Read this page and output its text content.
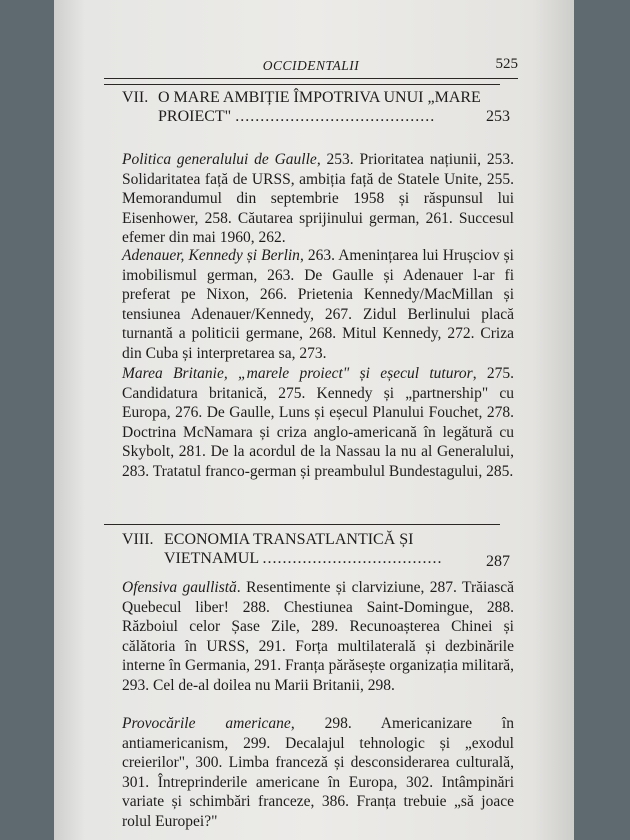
OCCIDENTALII	525
VII. O MARE AMBIȚIE ÎMPOTRIVA UNUI „MARE PROIECT" ........................................	253

Politica generalului de Gaulle, 253. Prioritatea națiunii, 253. Solidaritatea față de URSS, ambiția față de Statele Unite, 255. Memorandumul din septembrie 1958 și răspunsul lui Eisenhower, 258. Căutarea sprijinului german, 261. Succesul efemer din mai 1960, 262.

Adenauer, Kennedy și Berlin, 263. Amenințarea lui Hrușciov și imobilismul german, 263. De Gaulle și Adenauer l-ar fi preferat pe Nixon, 266. Prietenia Kennedy/MacMillan și tensiunea Adenauer/Kennedy, 267. Zidul Berlinului placă turnantă a politicii germane, 268. Mitul Kennedy, 272. Criza din Cuba și interpretarea sa, 273.

Marea Britanie, „marele proiect" și eșecul tuturor, 275. Candidatura britanică, 275. Kennedy și „partnership" cu Europa, 276. De Gaulle, Luns și eșecul Planului Fouchet, 278. Doctrina McNamara și criza anglo-americană în legătură cu Skybolt, 281. De la acordul de la Nassau la nu al Generalului, 283. Tratatul franco-german și preambulul Bundestagului, 285.

VIII. ECONOMIA TRANSATLANTICĂ ȘI VIETNAMUL ....................................	287

Ofensiva gaullistă. Resentimente și clarviziune, 287. Trăiască Quebecul liber! 288. Chestiunea Saint-Domingue, 288. Războiul celor Șase Zile, 289. Recunoașterea Chinei și călătoria în URSS, 291. Forța multilaterală și dezbinările interne în Germania, 291. Franța părăsește organizația militară, 293. Cel de-al doilea nu Marii Britanii, 298.

Provocările americane, 298. Americanizare în antiamericanism, 299. Decalajul tehnologic și „exodul creierilor", 300. Limba franceză și desconsiderarea culturală, 301. Întreprinderile americane în Europa, 302. Intâmpinări variate și schimbări franceze, 386. Franța trebuie „să joace rolul Europei?"
